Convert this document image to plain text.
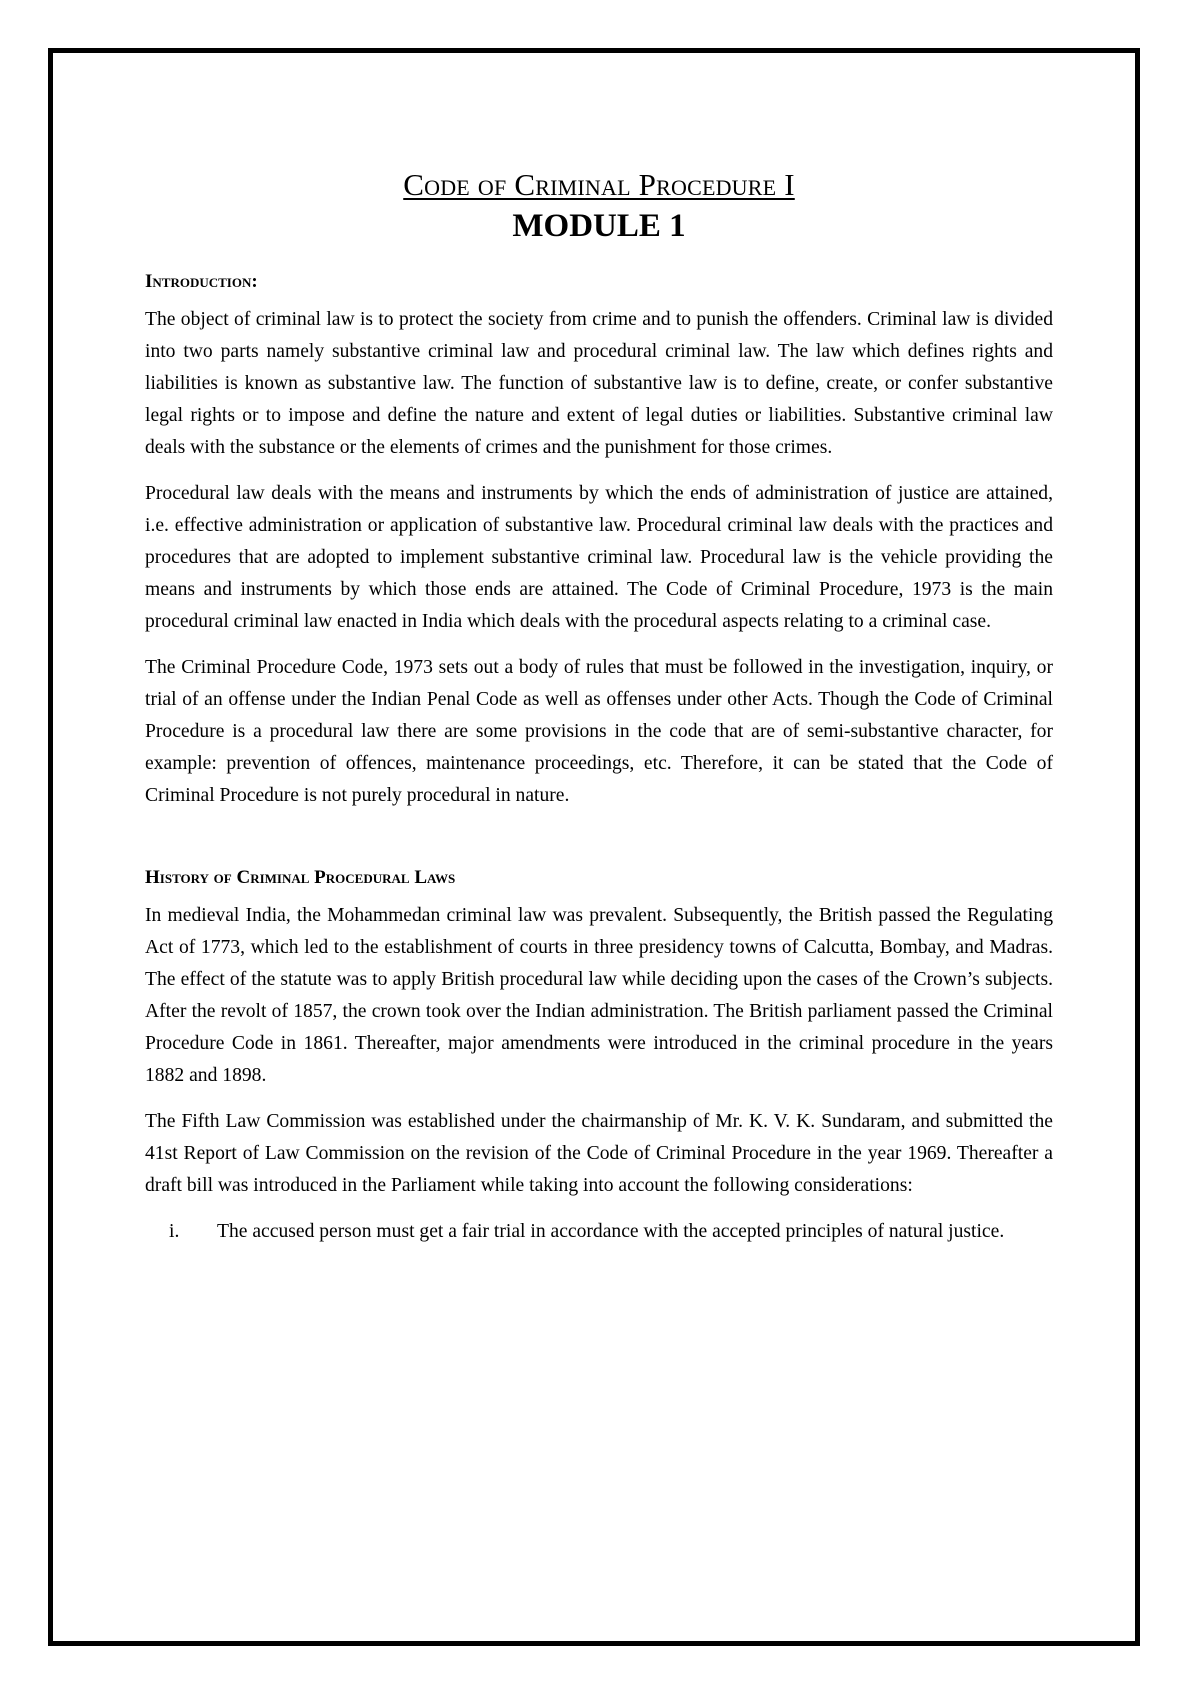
Code of Criminal Procedure I
MODULE 1
Introduction:

The object of criminal law is to protect the society from crime and to punish the offenders. Criminal law is divided into two parts namely substantive criminal law and procedural criminal law. The law which defines rights and liabilities is known as substantive law. The function of substantive law is to define, create, or confer substantive legal rights or to impose and define the nature and extent of legal duties or liabilities. Substantive criminal law deals with the substance or the elements of crimes and the punishment for those crimes.

Procedural law deals with the means and instruments by which the ends of administration of justice are attained, i.e. effective administration or application of substantive law. Procedural criminal law deals with the practices and procedures that are adopted to implement substantive criminal law. Procedural law is the vehicle providing the means and instruments by which those ends are attained. The Code of Criminal Procedure, 1973 is the main procedural criminal law enacted in India which deals with the procedural aspects relating to a criminal case.

The Criminal Procedure Code, 1973 sets out a body of rules that must be followed in the investigation, inquiry, or trial of an offense under the Indian Penal Code as well as offenses under other Acts. Though the Code of Criminal Procedure is a procedural law there are some provisions in the code that are of semi-substantive character, for example: prevention of offences, maintenance proceedings, etc. Therefore, it can be stated that the Code of Criminal Procedure is not purely procedural in nature.

History of Criminal Procedural Laws

In medieval India, the Mohammedan criminal law was prevalent. Subsequently, the British passed the Regulating Act of 1773, which led to the establishment of courts in three presidency towns of Calcutta, Bombay, and Madras. The effect of the statute was to apply British procedural law while deciding upon the cases of the Crown’s subjects. After the revolt of 1857, the crown took over the Indian administration. The British parliament passed the Criminal Procedure Code in 1861. Thereafter, major amendments were introduced in the criminal procedure in the years 1882 and 1898.

The Fifth Law Commission was established under the chairmanship of Mr. K. V. K. Sundaram, and submitted the 41st Report of Law Commission on the revision of the Code of Criminal Procedure in the year 1969. Thereafter a draft bill was introduced in the Parliament while taking into account the following considerations:

i.	The accused person must get a fair trial in accordance with the accepted principles of natural justice.
